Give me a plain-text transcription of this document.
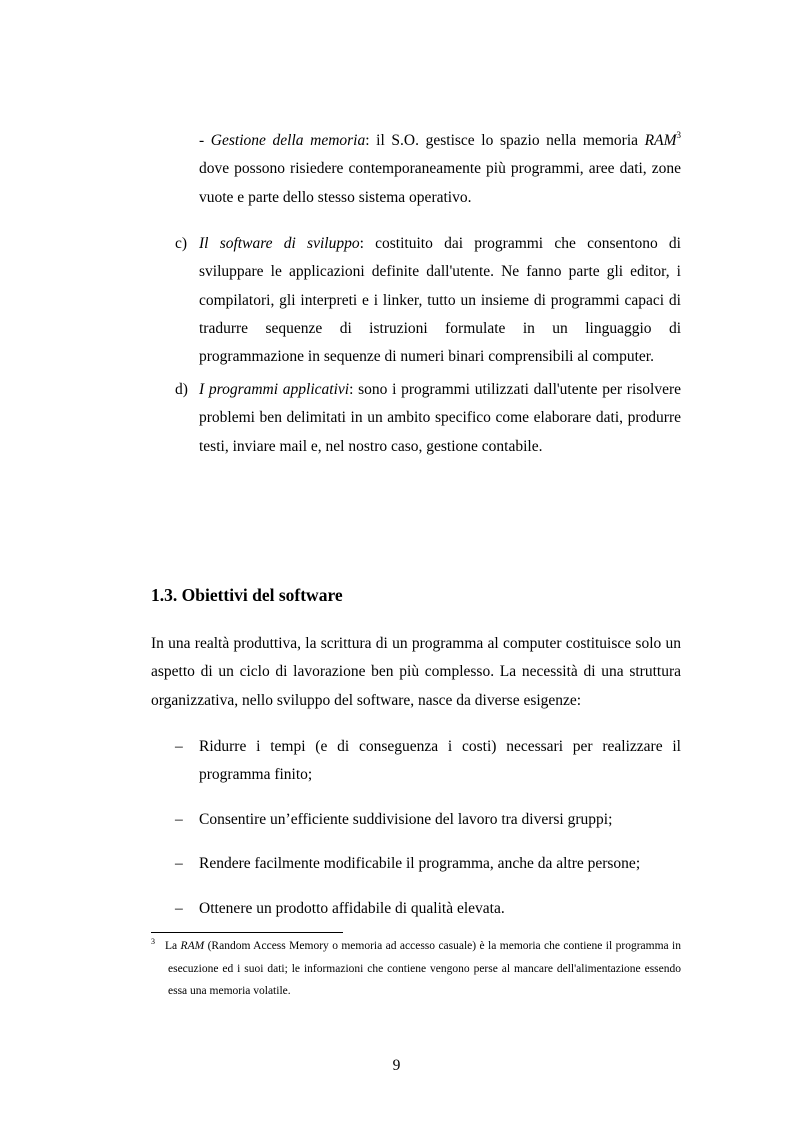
- Gestione della memoria: il S.O. gestisce lo spazio nella memoria RAM$^3$ dove possono risiedere contemporaneamente più programmi, aree dati, zone vuote e parte dello stesso sistema operativo.

c) Il software di sviluppo: costituito dai programmi che consentono di sviluppare le applicazioni definite dall'utente. Ne fanno parte gli editor, i compilatori, gli interpreti e i linker, tutto un insieme di programmi capaci di tradurre sequenze di istruzioni formulate in un linguaggio di programmazione in sequenze di numeri binari comprensibili al computer.
d) I programmi applicativi: sono i programmi utilizzati dall'utente per risolvere problemi ben delimitati in un ambito specifico come elaborare dati, produrre testi, inviare mail e, nel nostro caso, gestione contabile.
1.3. Obiettivi del software

In una realtà produttiva, la scrittura di un programma al computer costituisce solo un aspetto di un ciclo di lavorazione ben più complesso. La necessità di una struttura organizzativa, nello sviluppo del software, nasce da diverse esigenze:

– Ridurre i tempi (e di conseguenza i costi) necessari per realizzare il programma finito;
– Consentire un’efficiente suddivisione del lavoro tra diversi gruppi;
– Rendere facilmente modificabile il programma, anche da altre persone;
– Ottenere un prodotto affidabile di qualità elevata.
3 La RAM (Random Access Memory o memoria ad accesso casuale) è la memoria che contiene il programma in esecuzione ed i suoi dati; le informazioni che contiene vengono perse al mancare dell'alimentazione essendo essa una memoria volatile.
9
